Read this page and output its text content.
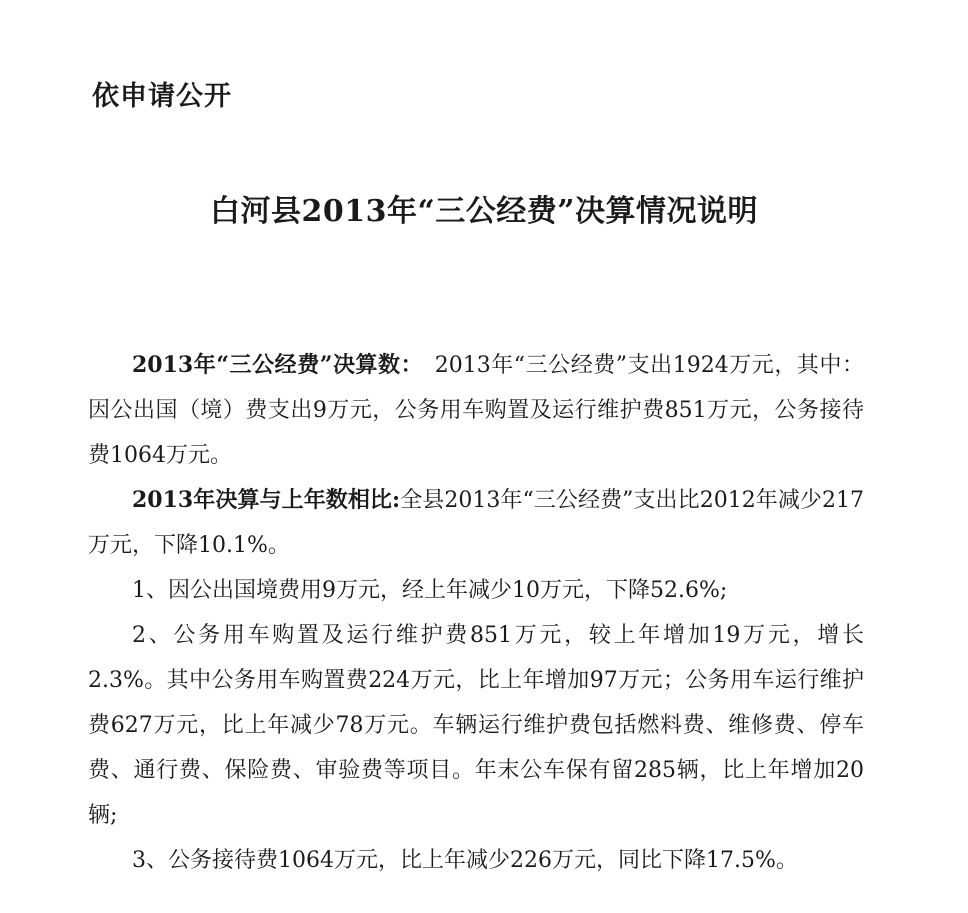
依申请公开
白河县2013年“三公经费”决算情况说明

2013年“三公经费”决算数：　2013年“三公经费”支出1924万元，其中：因公出国（境）费支出9万元，公务用车购置及运行维护费851万元，公务接待费1064万元。

2013年决算与上年数相比:全县2013年“三公经费”支出比2012年减少217万元，下降10.1%。

1、因公出国境费用9万元，经上年减少10万元，下降52.6%;

2、公务用车购置及运行维护费851万元，较上年增加19万元，增长2.3%。其中公务用车购置费224万元，比上年增加97万元；公务用车运行维护费627万元，比上年减少78万元。车辆运行维护费包括燃料费、维修费、停车费、通行费、保险费、审验费等项目。年末公车保有留285辆，比上年增加20辆;

3、公务接待费1064万元，比上年减少226万元，同比下降17.5%。
